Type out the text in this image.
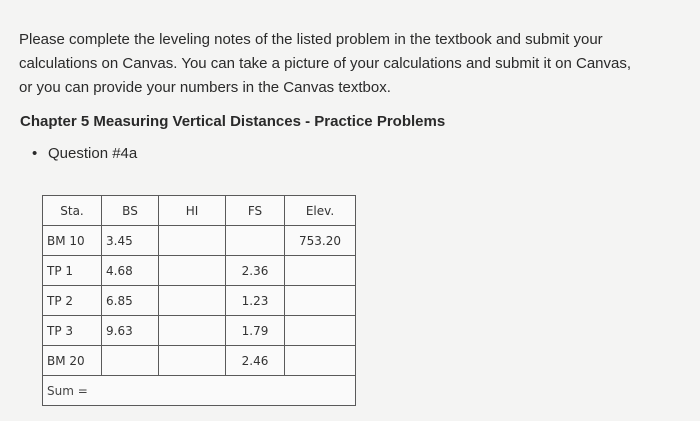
Please complete the leveling notes of the listed problem in the textbook and submit your
calculations on Canvas. You can take a picture of your calculations and submit it on Canvas,
or you can provide your numbers in the Canvas textbox.
Chapter 5 Measuring Vertical Distances - Practice Problems
• Question #4a
Sta.	BS	HI	FS	Elev.
BM 10	3.45			753.20
TP 1	4.68		2.36	
TP 2	6.85		1.23	
TP 3	9.63		1.79	
BM 20			2.46	
Sum =				
